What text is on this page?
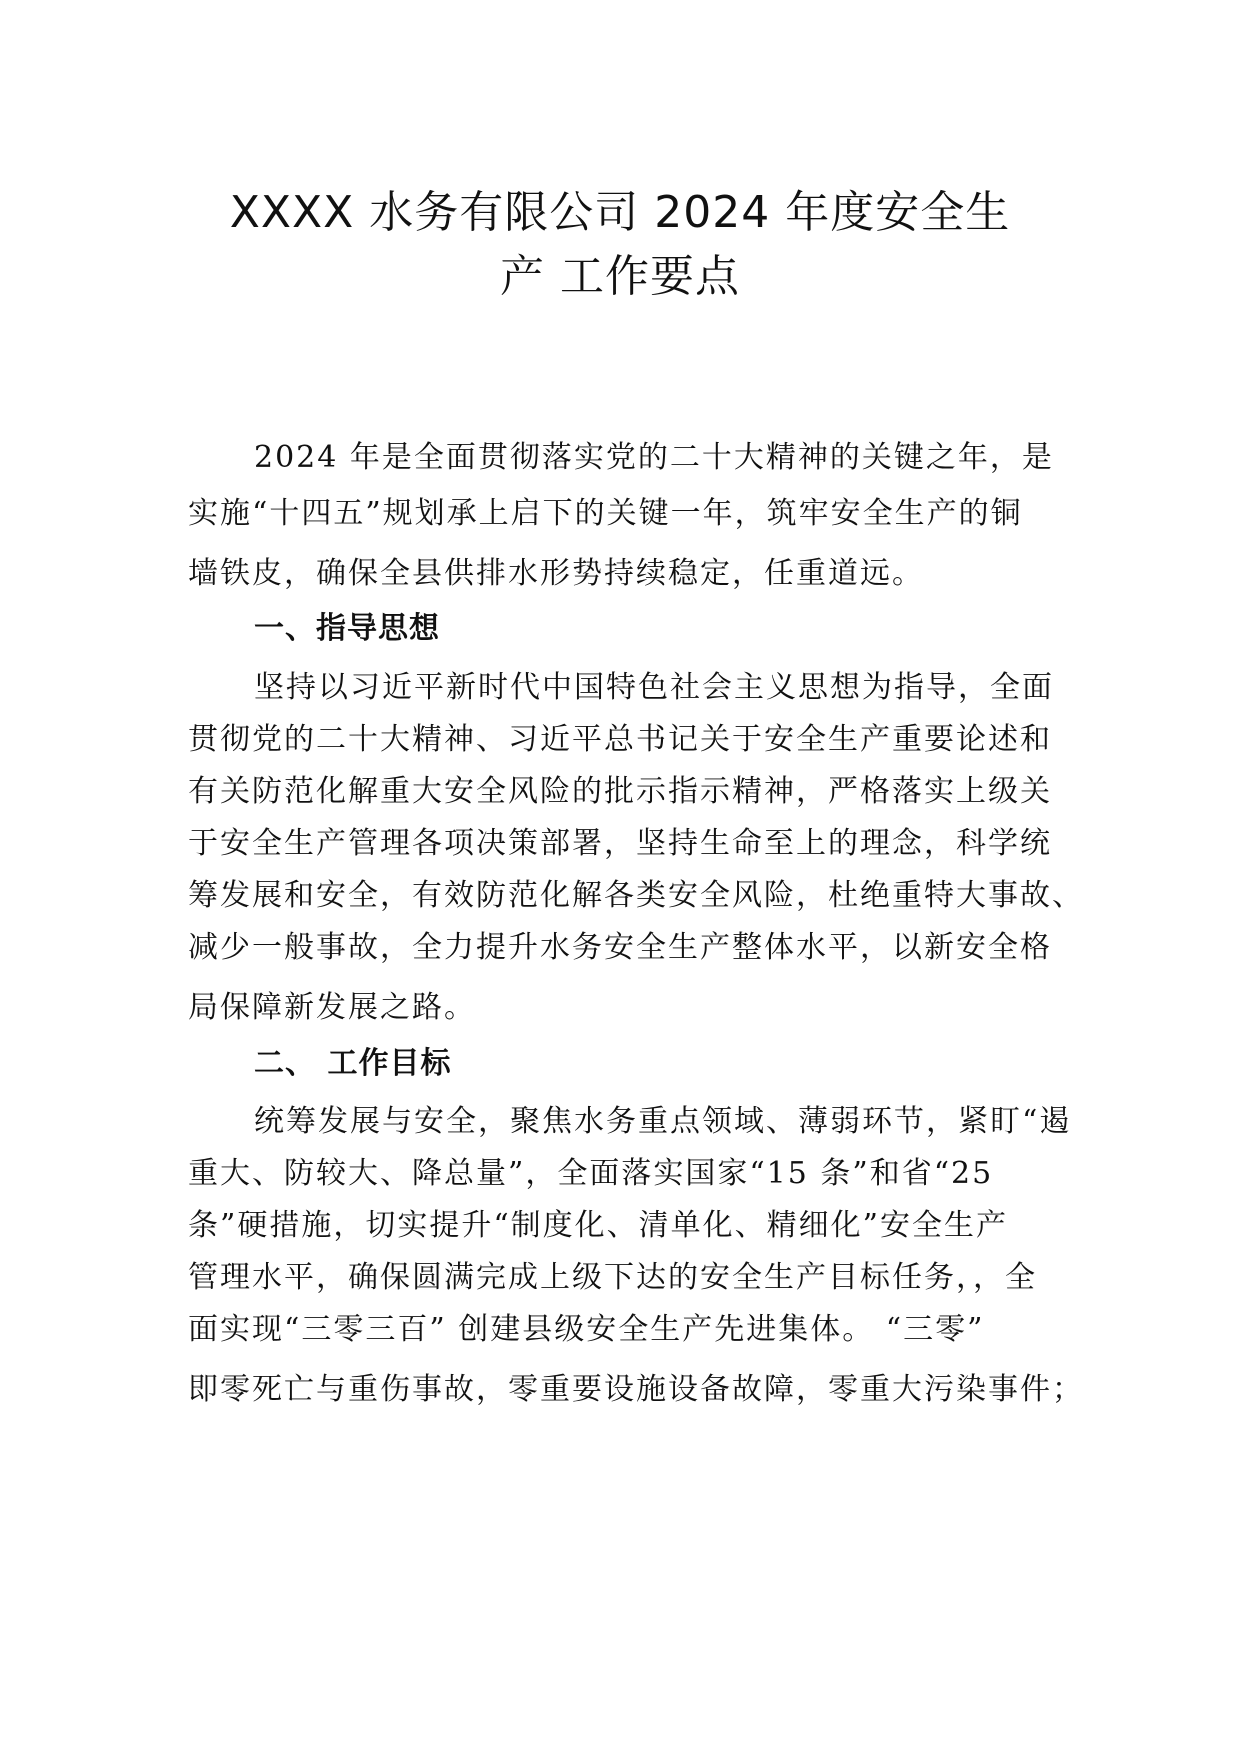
XXXX 水务有限公司 2024 年度安全生
产 工作要点
2024 年是全面贯彻落实党的二十大精神的关键之年，是
实施“十四五”规划承上启下的关键一年，筑牢安全生产的铜
墙铁皮，确保全县供排水形势持续稳定，任重道远。
一、指导思想
坚持以习近平新时代中国特色社会主义思想为指导，全面
贯彻党的二十大精神、习近平总书记关于安全生产重要论述和
有关防范化解重大安全风险的批示指示精神，严格落实上级关
于安全生产管理各项决策部署，坚持生命至上的理念，科学统
筹发展和安全，有效防范化解各类安全风险，杜绝重特大事故、
减少一般事故，全力提升水务安全生产整体水平，以新安全格
局保障新发展之路。
二、 工作目标
统筹发展与安全，聚焦水务重点领域、薄弱环节，紧盯“遏
重大、防较大、降总量”，全面落实国家“15 条”和省“25
条”硬措施，切实提升“制度化、清单化、精细化”安全生产
管理水平，确保圆满完成上级下达的安全生产目标任务，，全
面实现“三零三百” 创建县级安全生产先进集体。 “三零”
即零死亡与重伤事故，零重要设施设备故障，零重大污染事件；
